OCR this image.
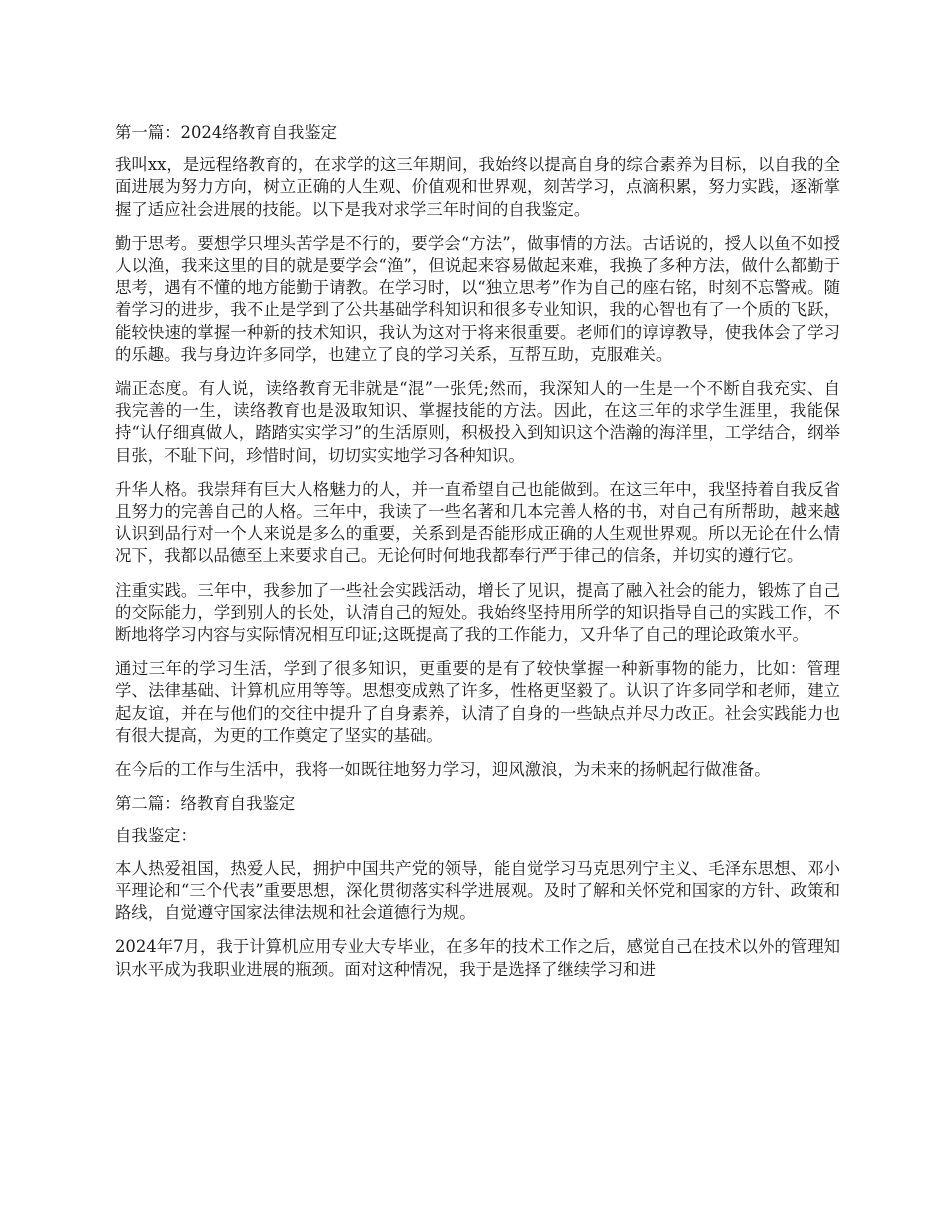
第一篇：2024络教育自我鉴定

我叫xx，是远程络教育的，在求学的这三年期间，我始终以提高自身的综合素养为目标，以自我的全面进展为努力方向，树立正确的人生观、价值观和世界观，刻苦学习，点滴积累，努力实践，逐渐掌握了适应社会进展的技能。以下是我对求学三年时间的自我鉴定。

勤于思考。要想学只埋头苦学是不行的，要学会“方法”，做事情的方法。古话说的，授人以鱼不如授人以渔，我来这里的目的就是要学会“渔”，但说起来容易做起来难，我换了多种方法，做什么都勤于思考，遇有不懂的地方能勤于请教。在学习时，以“独立思考”作为自己的座右铭，时刻不忘警戒。随着学习的进步，我不止是学到了公共基础学科知识和很多专业知识，我的心智也有了一个质的飞跃，能较快速的掌握一种新的技术知识，我认为这对于将来很重要。老师们的谆谆教导，使我体会了学习的乐趣。我与身边许多同学，也建立了良的学习关系，互帮互助，克服难关。

端正态度。有人说，读络教育无非就是“混”一张凭;然而，我深知人的一生是一个不断自我充实、自我完善的一生，读络教育也是汲取知识、掌握技能的方法。因此，在这三年的求学生涯里，我能保持“认仔细真做人，踏踏实实学习”的生活原则，积极投入到知识这个浩瀚的海洋里，工学结合，纲举目张，不耻下问，珍惜时间，切切实实地学习各种知识。

升华人格。我崇拜有巨大人格魅力的人，并一直希望自己也能做到。在这三年中，我坚持着自我反省且努力的完善自己的人格。三年中，我读了一些名著和几本完善人格的书，对自己有所帮助，越来越认识到品行对一个人来说是多么的重要，关系到是否能形成正确的人生观世界观。所以无论在什么情况下，我都以品德至上来要求自己。无论何时何地我都奉行严于律己的信条，并切实的遵行它。

注重实践。三年中，我参加了一些社会实践活动，增长了见识，提高了融入社会的能力，锻炼了自己的交际能力，学到别人的长处，认清自己的短处。我始终坚持用所学的知识指导自己的实践工作，不断地将学习内容与实际情况相互印证;这既提高了我的工作能力，又升华了自己的理论政策水平。

通过三年的学习生活，学到了很多知识，更重要的是有了较快掌握一种新事物的能力，比如：管理学、法律基础、计算机应用等等。思想变成熟了许多，性格更坚毅了。认识了许多同学和老师，建立起友谊，并在与他们的交往中提升了自身素养，认清了自身的一些缺点并尽力改正。社会实践能力也有很大提高，为更的工作奠定了坚实的基础。

在今后的工作与生活中，我将一如既往地努力学习，迎风激浪，为未来的扬帆起行做准备。

第二篇：络教育自我鉴定

自我鉴定：

本人热爱祖国，热爱人民，拥护中国共产党的领导，能自觉学习马克思列宁主义、毛泽东思想、邓小平理论和“三个代表”重要思想，深化贯彻落实科学进展观。及时了解和关怀党和国家的方针、政策和路线，自觉遵守国家法律法规和社会道德行为规。

2024年7月，我于计算机应用专业大专毕业，在多年的技术工作之后，感觉自己在技术以外的管理知识水平成为我职业进展的瓶颈。面对这种情况，我于是选择了继续学习和进
